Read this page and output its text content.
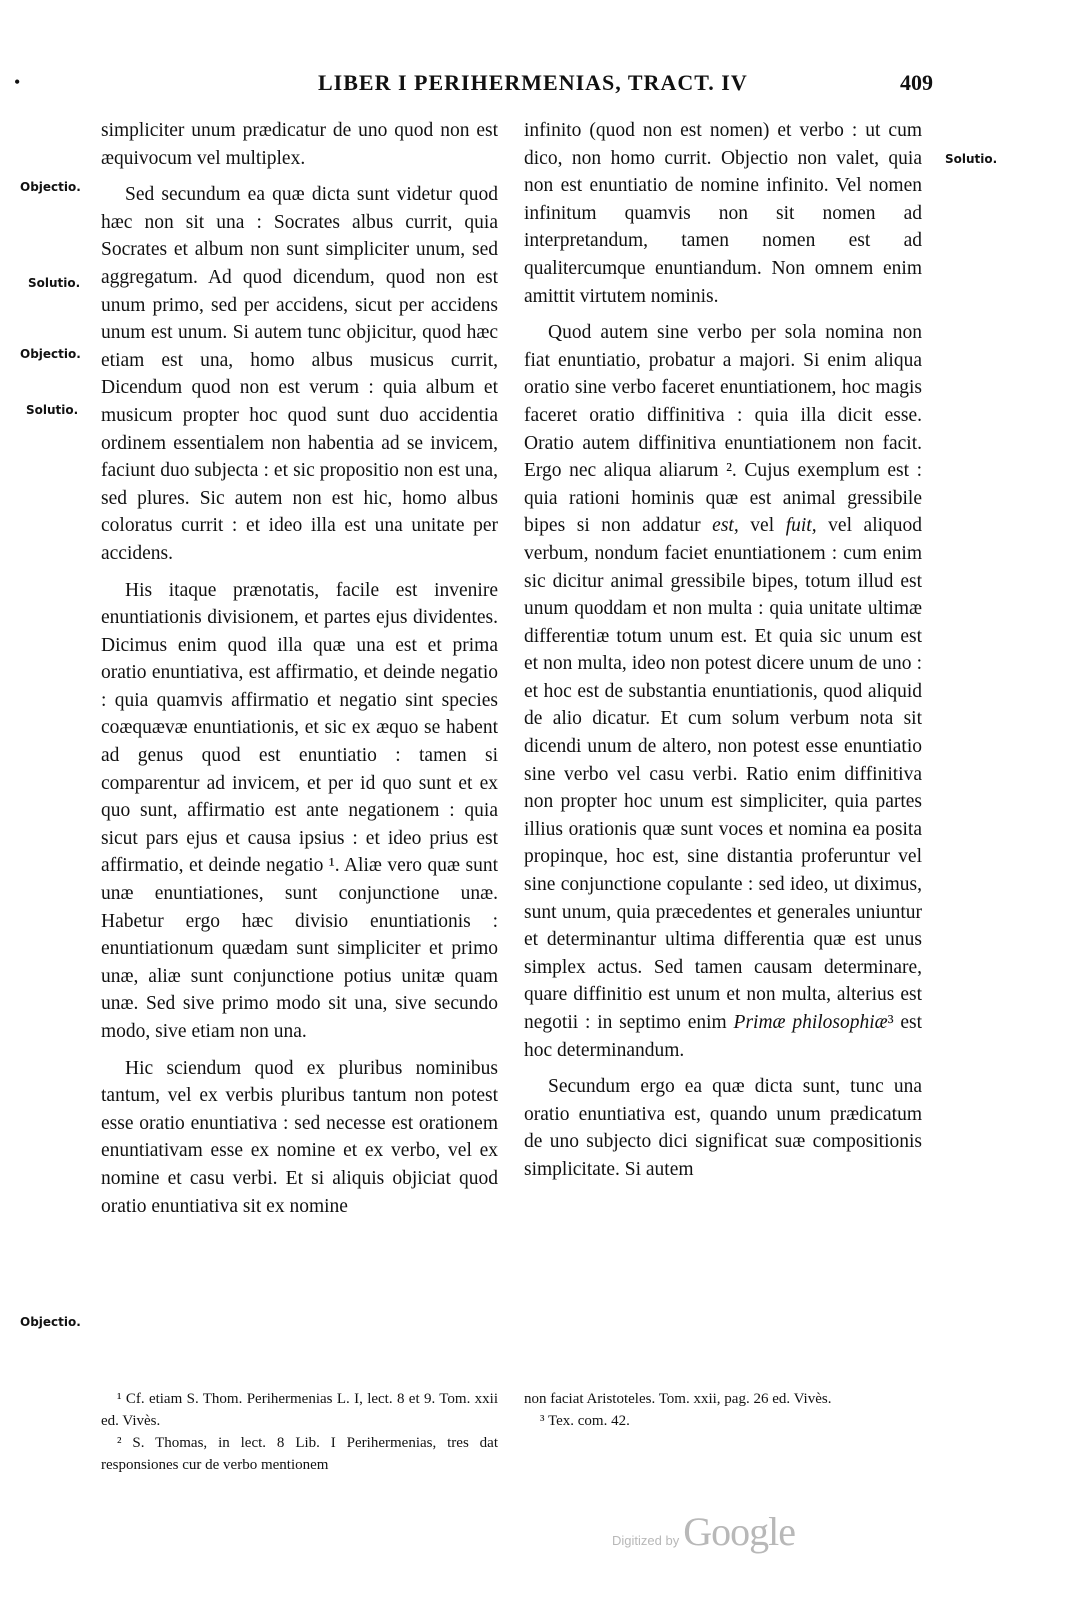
•	LIBER I PERIHERMENIAS, TRACT. IV	409
Objectio.
Solutio.
Objectio.
Solutio.
Objectio.
Solutio.

simpliciter unum prædicatur de uno quod non est æquivocum vel multiplex.

Sed secundum ea quæ dicta sunt videtur quod hæc non sit una : Socrates albus currit, quia Socrates et album non sunt simpliciter unum, sed aggregatum. Ad quod dicendum, quod non est unum primo, sed per accidens, sicut per accidens unum est unum. Si autem tunc objicitur, quod hæc etiam est una, homo albus musicus currit, Dicendum quod non est verum : quia album et musicum propter hoc quod sunt duo accidentia ordinem essentialem non habentia ad se invicem, faciunt duo subjecta : et sic propositio non est una, sed plures. Sic autem non est hic, homo albus coloratus currit : et ideo illa est una unitate per accidens.

His itaque prænotatis, facile est invenire enuntiationis divisionem, et partes ejus dividentes. Dicimus enim quod illa quæ una est et prima oratio enuntiativa, est affirmatio, et deinde negatio : quia quamvis affirmatio et negatio sint species coæquævæ enuntiationis, et sic ex æquo se habent ad genus quod est enuntiatio : tamen si comparentur ad invicem, et per id quo sunt et ex quo sunt, affirmatio est ante negationem : quia sicut pars ejus et causa ipsius : et ideo prius est affirmatio, et deinde negatio ¹. Aliæ vero quæ sunt unæ enuntiationes, sunt conjunctione unæ. Habetur ergo hæc divisio enuntiationis : enuntiationum quædam sunt simpliciter et primo unæ, aliæ sunt conjunctione potius unitæ quam unæ. Sed sive primo modo sit una, sive secundo modo, sive etiam non una.

Hic sciendum quod ex pluribus nominibus tantum, vel ex verbis pluribus tantum non potest esse oratio enuntiativa : sed necesse est orationem enuntiativam esse ex nomine et ex verbo, vel ex nomine et casu verbi. Et si aliquis objiciat quod oratio enuntiativa sit ex nomine

infinito (quod non est nomen) et verbo : ut cum dico, non homo currit. Objectio non valet, quia non est enuntiatio de nomine infinito. Vel nomen infinitum quamvis non sit nomen ad interpretandum, tamen nomen est ad qualitercumque enuntiandum. Non omnem enim amittit virtutem nominis.

Quod autem sine verbo per sola nomina non fiat enuntiatio, probatur a majori. Si enim aliqua oratio sine verbo faceret enuntiationem, hoc magis faceret oratio diffinitiva : quia illa dicit esse. Oratio autem diffinitiva enuntiationem non facit. Ergo nec aliqua aliarum ². Cujus exemplum est : quia rationi hominis quæ est animal gressibile bipes si non addatur est, vel fuit, vel aliquod verbum, nondum faciet enuntiationem : cum enim sic dicitur animal gressibile bipes, totum illud est unum quoddam et non multa : quia unitate ultimæ differentiæ totum unum est. Et quia sic unum est et non multa, ideo non potest dicere unum de uno : et hoc est de substantia enuntiationis, quod aliquid de alio dicatur. Et cum solum verbum nota sit dicendi unum de altero, non potest esse enuntiatio sine verbo vel casu verbi. Ratio enim diffinitiva non propter hoc unum est simpliciter, quia partes illius orationis quæ sunt voces et nomina ea posita propinque, hoc est, sine distantia proferuntur vel sine conjunctione copulante : sed ideo, ut diximus, sunt unum, quia præcedentes et generales uniuntur et determinantur ultima differentia quæ est unus simplex actus. Sed tamen causam determinare, quare diffinitio est unum et non multa, alterius est negotii : in septimo enim Primæ philosophiæ³ est hoc determinandum.

Secundum ergo ea quæ dicta sunt, tunc una oratio enuntiativa est, quando unum prædicatum de uno subjecto dici significat suæ compositionis simplicitate. Si autem

¹ Cf. etiam S. Thom. Perihermenias L. I, lect. 8 et 9. Tom. xxii ed. Vivès.

² S. Thomas, in lect. 8 Lib. I Perihermenias, tres dat responsiones cur de verbo mentionem

non faciat Aristoteles. Tom. xxii, pag. 26 ed. Vivès.

³ Tex. com. 42.

Digitized by Google
